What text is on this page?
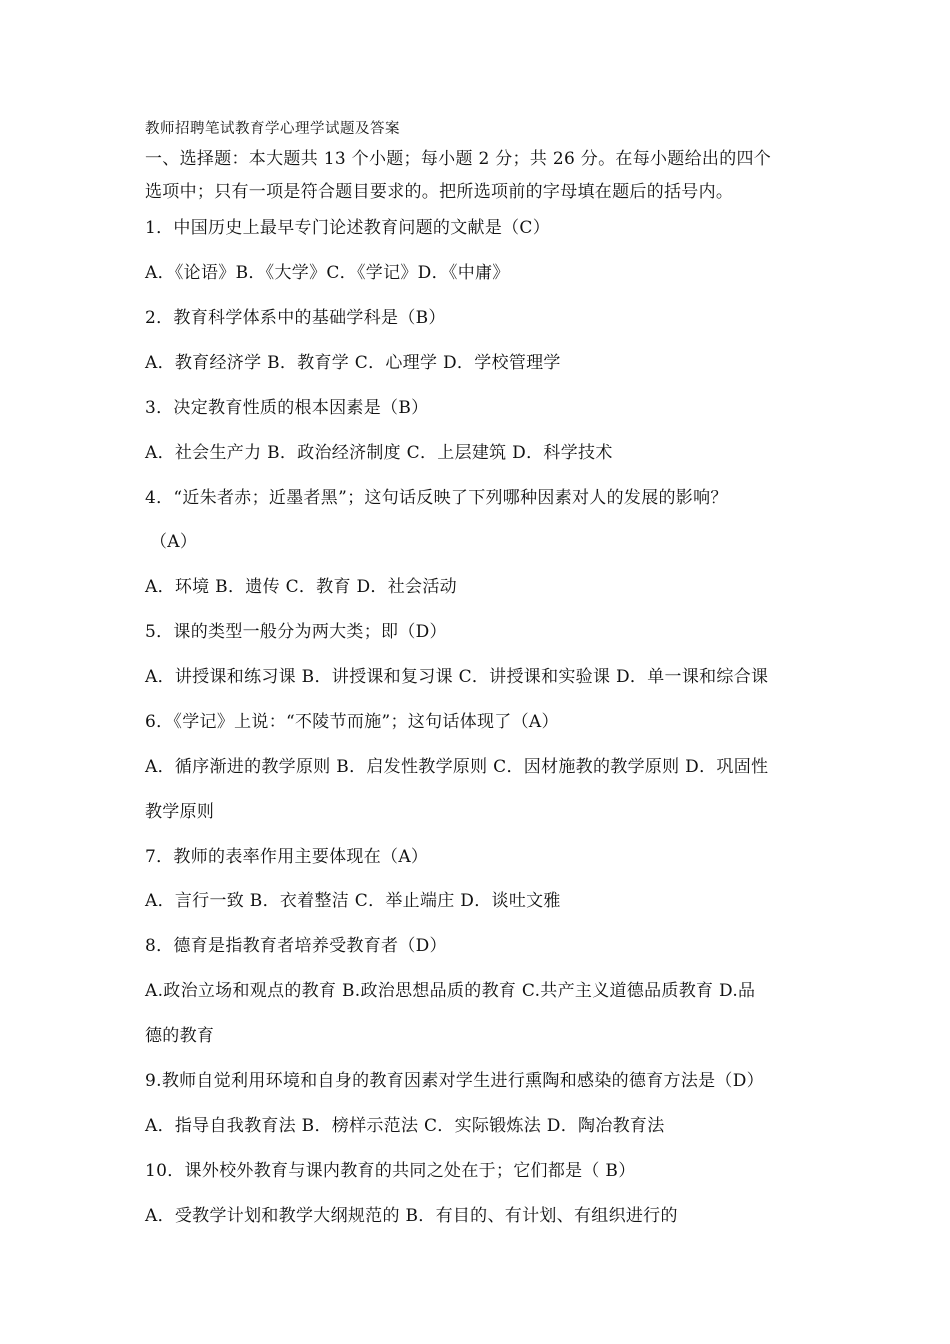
教师招聘笔试教育学心理学试题及答案
一、选择题：本大题共 13 个小题；每小题 2 分；共 26 分。在每小题给出的四个
选项中；只有一项是符合题目要求的。把所选项前的字母填在题后的括号内。
1．中国历史上最早专门论述教育问题的文献是（C）
A．《论语》B．《大学》C．《学记》D．《中庸》
2．教育科学体系中的基础学科是（B）
A．教育经济学 B．教育学 C．心理学 D．学校管理学
3．决定教育性质的根本因素是（B）
A．社会生产力 B．政治经济制度 C．上层建筑 D．科学技术
4．“近朱者赤；近墨者黑”；这句话反映了下列哪种因素对人的发展的影响？
（A）
A．环境 B．遗传 C．教育 D．社会活动
5．课的类型一般分为两大类；即（D）
A．讲授课和练习课 B．讲授课和复习课 C．讲授课和实验课 D．单一课和综合课
6．《学记》上说：“不陵节而施”；这句话体现了（A）
A．循序渐进的教学原则 B．启发性教学原则 C．因材施教的教学原则 D．巩固性
教学原则
7．教师的表率作用主要体现在（A）
A．言行一致 B．衣着整洁 C．举止端庄 D．谈吐文雅
8．德育是指教育者培养受教育者（D）
A.政治立场和观点的教育 B.政治思想品质的教育 C.共产主义道德品质教育 D.品
德的教育
9.教师自觉利用环境和自身的教育因素对学生进行熏陶和感染的德育方法是（D）
A．指导自我教育法 B．榜样示范法 C．实际锻炼法 D．陶冶教育法
10．课外校外教育与课内教育的共同之处在于；它们都是（ B）
A．受教学计划和教学大纲规范的 B．有目的、有计划、有组织进行的
